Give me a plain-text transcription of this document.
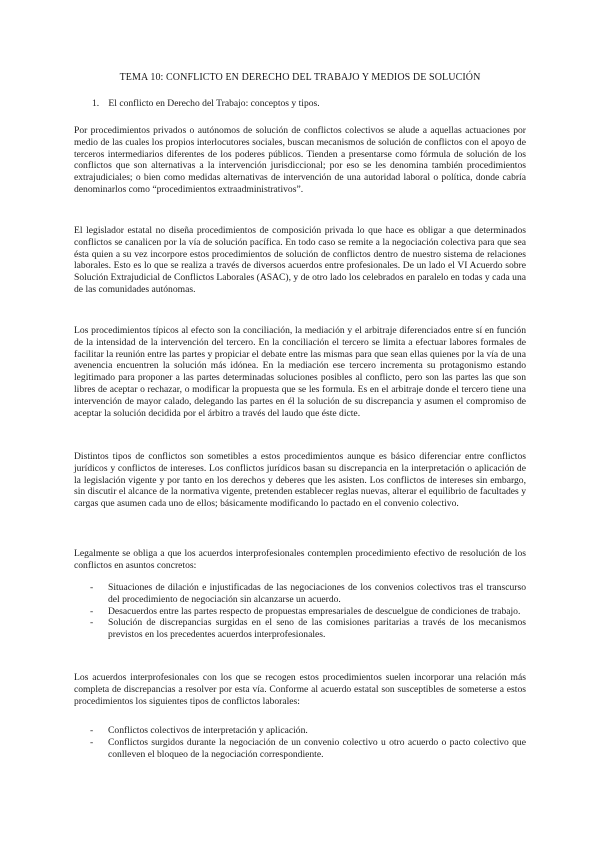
TEMA 10: CONFLICTO EN DERECHO DEL TRABAJO Y MEDIOS DE SOLUCIÓN
1. El conflicto en Derecho del Trabajo: conceptos y tipos.

Por procedimientos privados o autónomos de solución de conflictos colectivos se alude a aquellas actuaciones por medio de las cuales los propios interlocutores sociales, buscan mecanismos de solución de conflictos con el apoyo de terceros intermediarios diferentes de los poderes públicos. Tienden a presentarse como fórmula de solución de los conflictos que son alternativas a la intervención jurisdiccional; por eso se les denomina también procedimientos extrajudiciales; o bien como medidas alternativas de intervención de una autoridad laboral o política, donde cabría denominarlos como “procedimientos extraadministrativos”.

El legislador estatal no diseña procedimientos de composición privada lo que hace es obligar a que determinados conflictos se canalicen por la vía de solución pacífica. En todo caso se remite a la negociación colectiva para que sea ésta quien a su vez incorpore estos procedimientos de solución de conflictos dentro de nuestro sistema de relaciones laborales. Esto es lo que se realiza a través de diversos acuerdos entre profesionales. De un lado el VI Acuerdo sobre Solución Extrajudicial de Conflictos Laborales (ASAC), y de otro lado los celebrados en paralelo en todas y cada una de las comunidades autónomas.

Los procedimientos típicos al efecto son la conciliación, la mediación y el arbitraje diferenciados entre sí en función de la intensidad de la intervención del tercero. En la conciliación el tercero se limita a efectuar labores formales de facilitar la reunión entre las partes y propiciar el debate entre las mismas para que sean ellas quienes por la vía de una avenencia encuentren la solución más idónea. En la mediación ese tercero incrementa su protagonismo estando legitimado para proponer a las partes determinadas soluciones posibles al conflicto, pero son las partes las que son libres de aceptar o rechazar, o modificar la propuesta que se les formula. Es en el arbitraje donde el tercero tiene una intervención de mayor calado, delegando las partes en él la solución de su discrepancia y asumen el compromiso de aceptar la solución decidida por el árbitro a través del laudo que éste dicte.

Distintos tipos de conflictos son sometibles a estos procedimientos aunque es básico diferenciar entre conflictos jurídicos y conflictos de intereses. Los conflictos jurídicos basan su discrepancia en la interpretación o aplicación de la legislación vigente y por tanto en los derechos y deberes que les asisten. Los conflictos de intereses sin embargo, sin discutir el alcance de la normativa vigente, pretenden establecer reglas nuevas, alterar el equilibrio de facultades y cargas que asumen cada uno de ellos; básicamente modificando lo pactado en el convenio colectivo.

Legalmente se obliga a que los acuerdos interprofesionales contemplen procedimiento efectivo de resolución de los conflictos en asuntos concretos:

- Situaciones de dilación e injustificadas de las negociaciones de los convenios colectivos tras el transcurso del procedimiento de negociación sin alcanzarse un acuerdo.
- Desacuerdos entre las partes respecto de propuestas empresariales de descuelgue de condiciones de trabajo.
- Solución de discrepancias surgidas en el seno de las comisiones paritarias a través de los mecanismos previstos en los precedentes acuerdos interprofesionales.

Los acuerdos interprofesionales con los que se recogen estos procedimientos suelen incorporar una relación más completa de discrepancias a resolver por esta vía. Conforme al acuerdo estatal son susceptibles de someterse a estos procedimientos los siguientes tipos de conflictos laborales:

- Conflictos colectivos de interpretación y aplicación.
- Conflictos surgidos durante la negociación de un convenio colectivo u otro acuerdo o pacto colectivo que conlleven el bloqueo de la negociación correspondiente.
